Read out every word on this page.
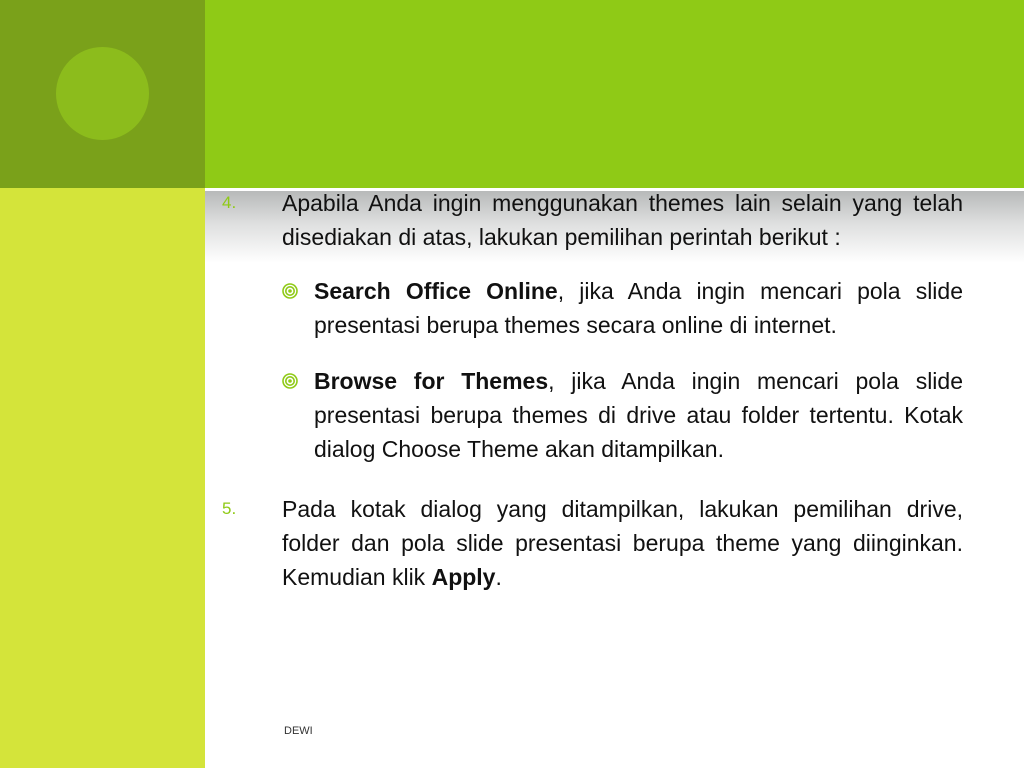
4.	Apabila Anda ingin menggunakan themes lain selain yang telah disediakan di atas, lakukan pemilihan perintah berikut :
Search Office Online, jika Anda ingin mencari pola slide presentasi berupa themes secara online di internet.
Browse for Themes, jika Anda ingin mencari pola slide presentasi berupa themes di drive atau folder tertentu. Kotak dialog Choose Theme akan ditampilkan.
5.	Pada kotak dialog yang ditampilkan, lakukan pemilihan drive, folder dan pola slide presentasi berupa theme yang diinginkan. Kemudian klik Apply.
DEWI
